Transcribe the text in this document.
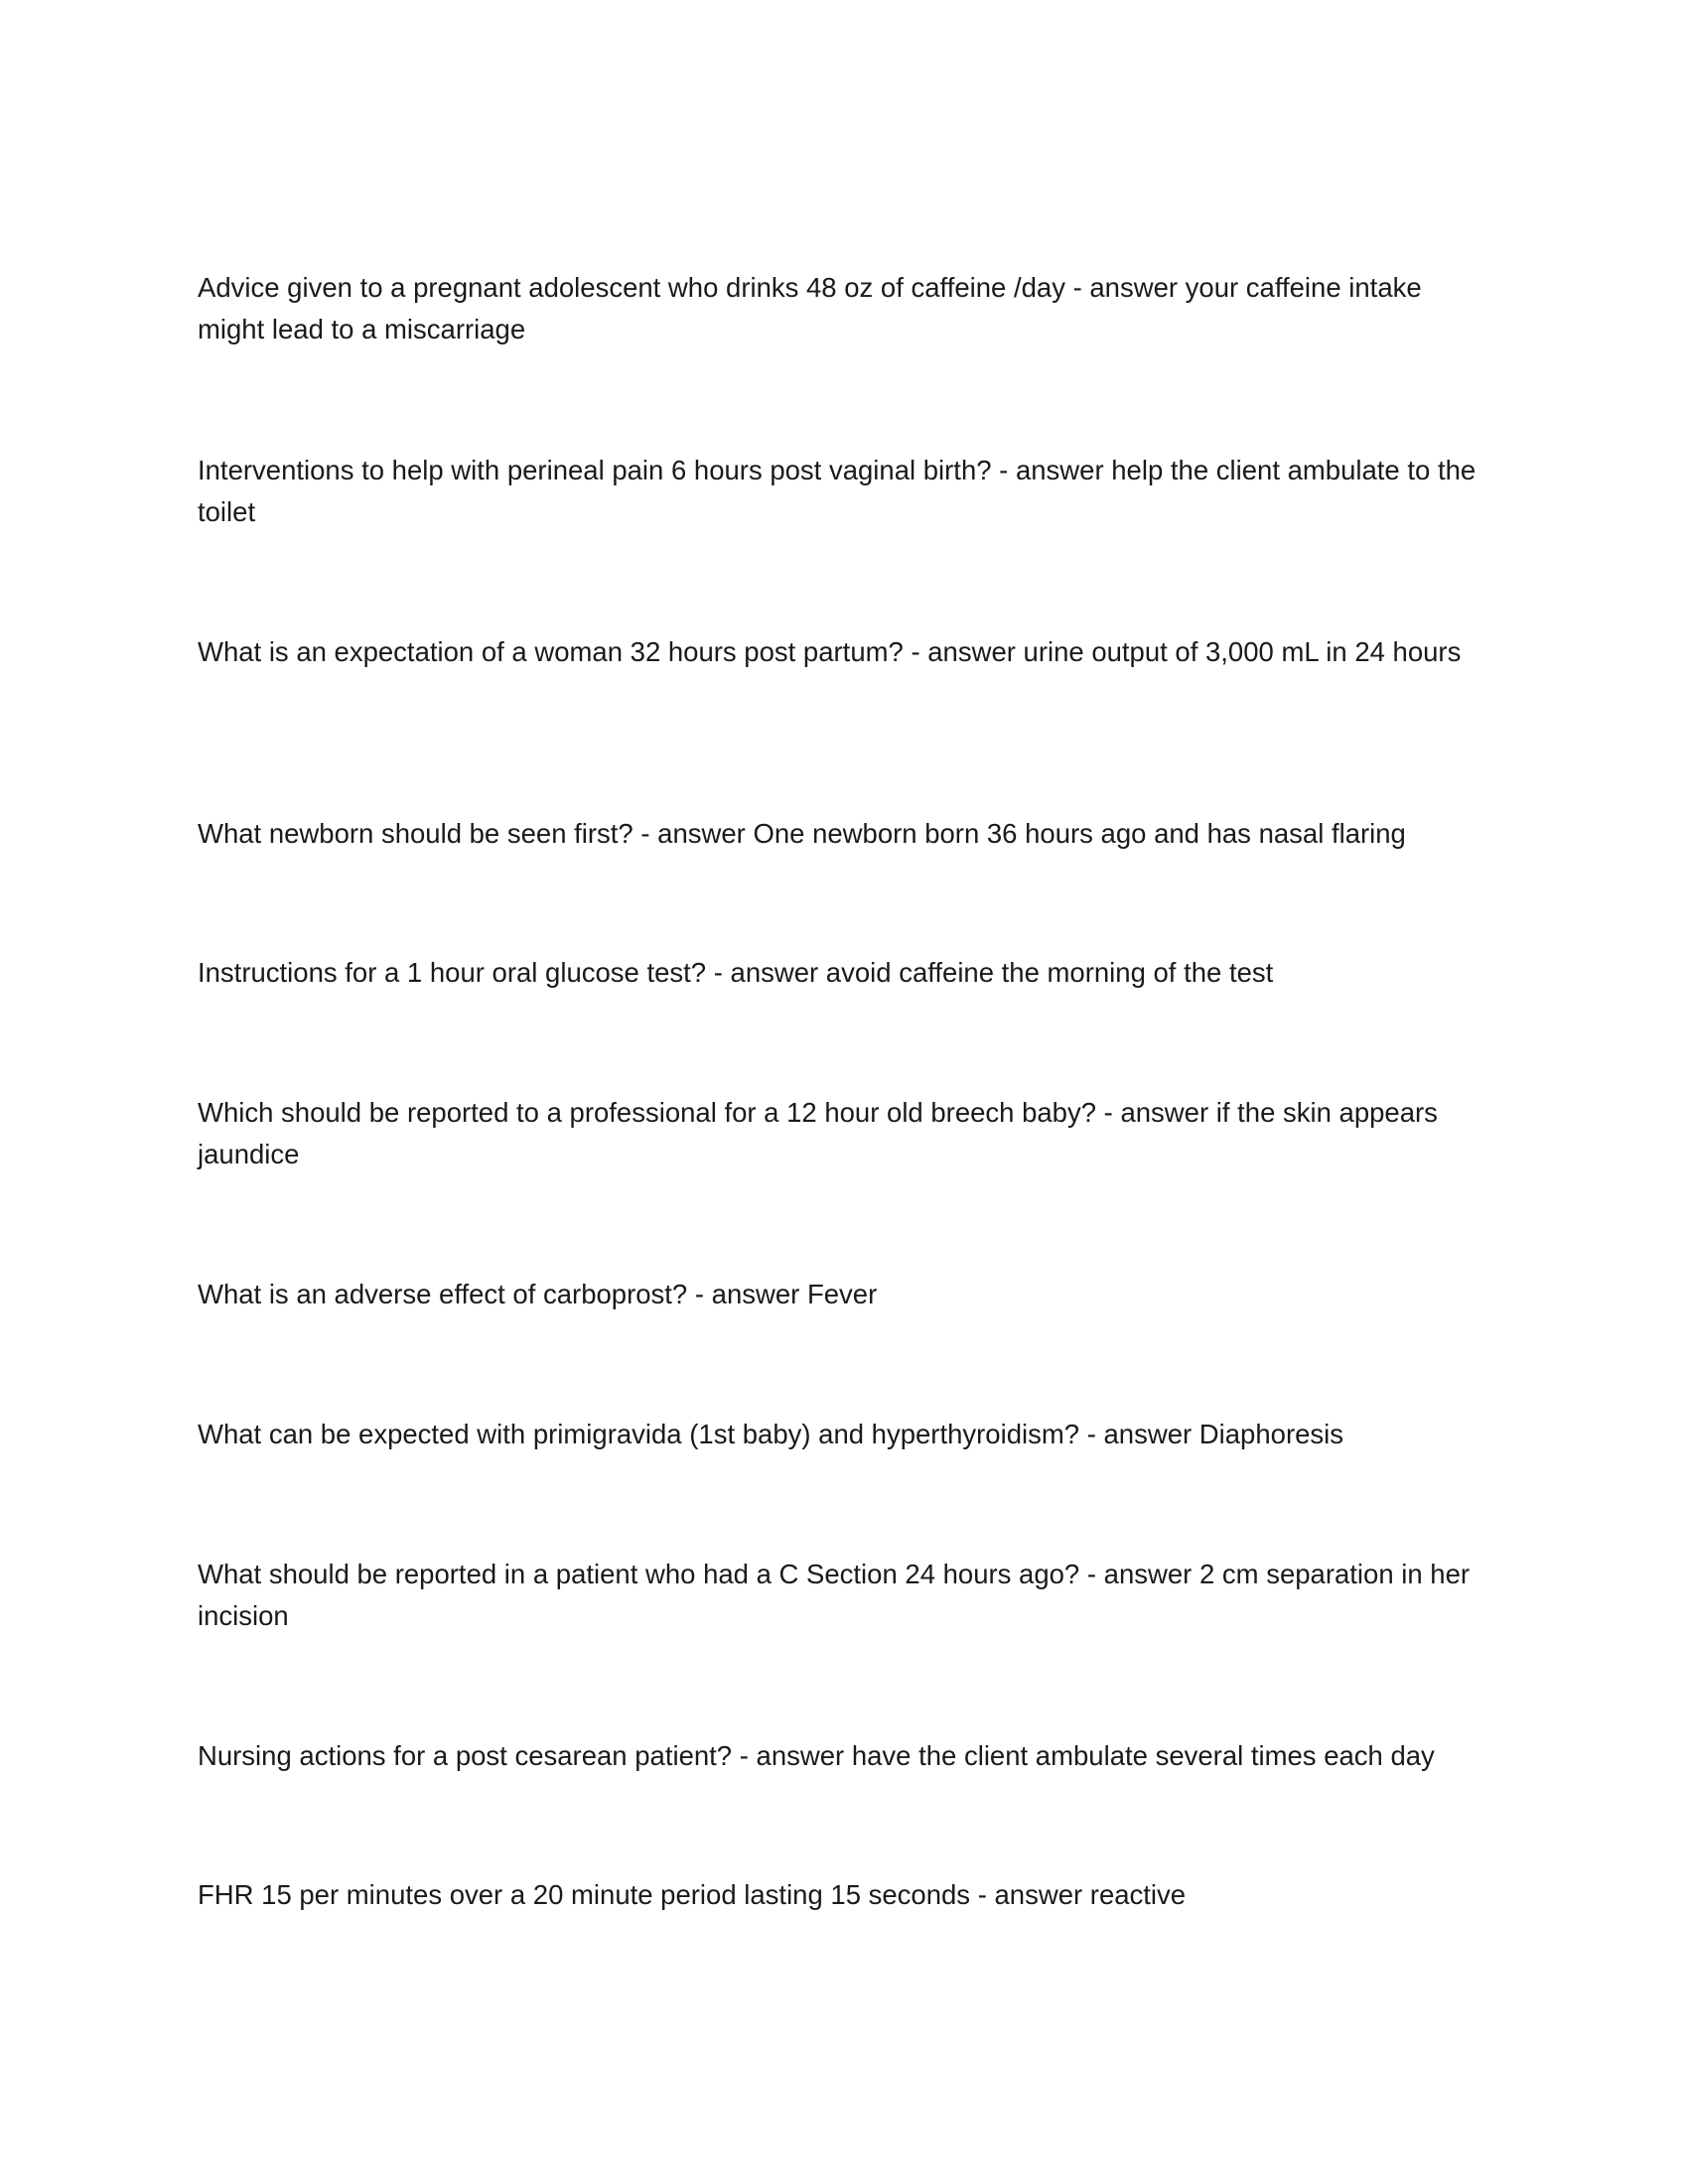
Advice given to a pregnant adolescent who drinks 48 oz of caffeine /day - answer your caffeine intake might lead to a miscarriage

Interventions to help with perineal pain 6 hours post vaginal birth? - answer help the client ambulate to the toilet

What is an expectation of a woman 32 hours post partum? - answer urine output of 3,000 mL in 24 hours

What newborn should be seen first? - answer One newborn born 36 hours ago and has nasal flaring

Instructions for a 1 hour oral glucose test? - answer avoid caffeine the morning of the test

Which should be reported to a professional for a 12 hour old breech baby? - answer if the skin appears jaundice

What is an adverse effect of carboprost? - answer Fever

What can be expected with primigravida (1st baby) and hyperthyroidism? - answer Diaphoresis

What should be reported in a patient who had a C Section 24 hours ago? - answer 2 cm separation in her incision

Nursing actions for a post cesarean patient? - answer have the client ambulate several times each day

FHR 15 per minutes over a 20 minute period lasting 15 seconds - answer reactive
